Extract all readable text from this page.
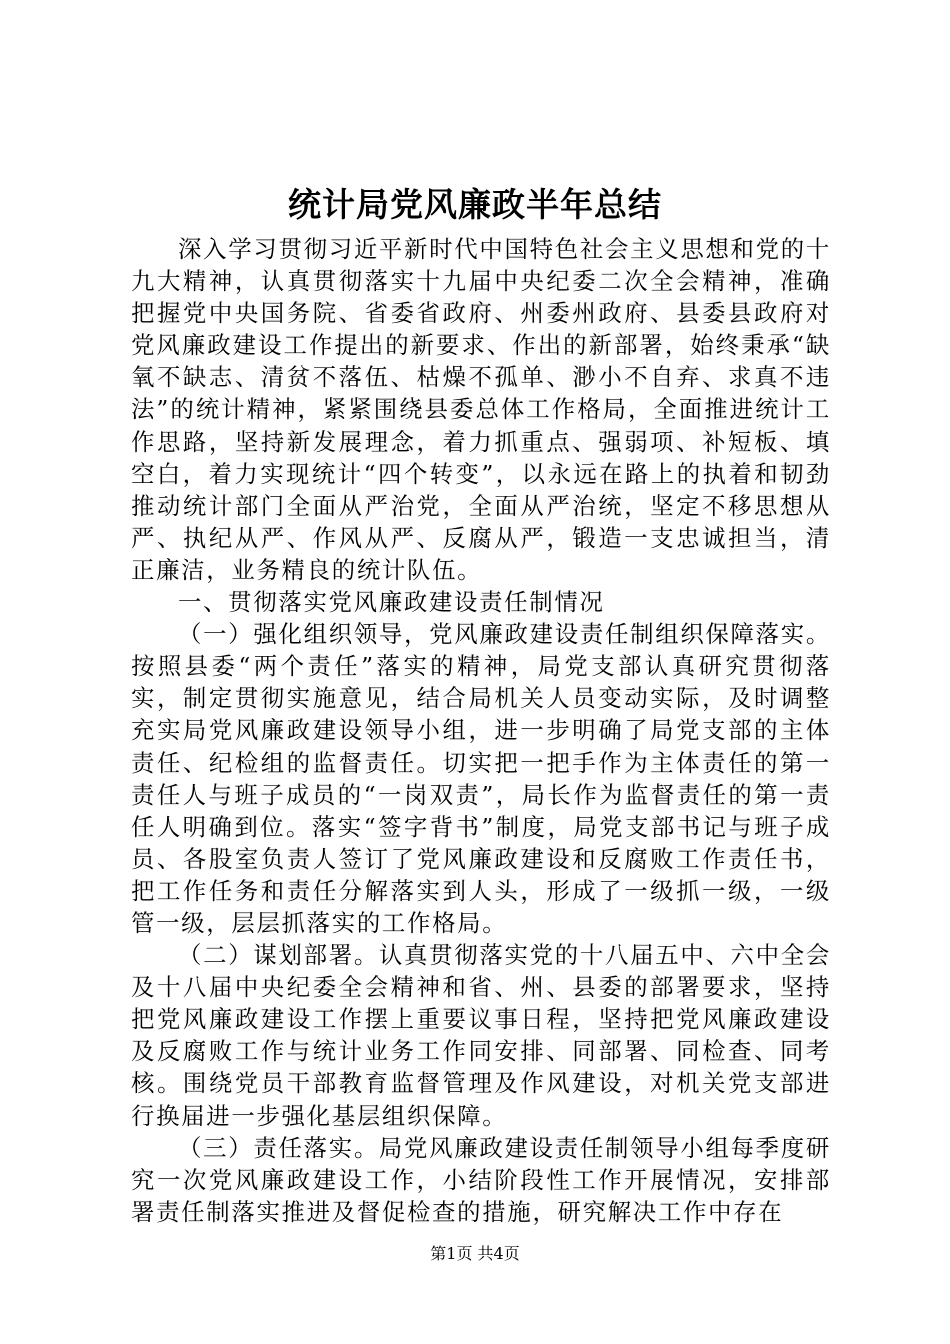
统计局党风廉政半年总结

深入学习贯彻习近平新时代中国特色社会主义思想和党的十九大精神，认真贯彻落实十九届中央纪委二次全会精神，准确把握党中央国务院、省委省政府、州委州政府、县委县政府对党风廉政建设工作提出的新要求、作出的新部署，始终秉承“缺氧不缺志、清贫不落伍、枯燥不孤单、渺小不自弃、求真不违法”的统计精神，紧紧围绕县委总体工作格局，全面推进统计工作思路，坚持新发展理念，着力抓重点、强弱项、补短板、填空白，着力实现统计“四个转变”，以永远在路上的执着和韧劲推动统计部门全面从严治党，全面从严治统，坚定不移思想从严、执纪从严、作风从严、反腐从严，锻造一支忠诚担当，清正廉洁，业务精良的统计队伍。

一、贯彻落实党风廉政建设责任制情况

（一）强化组织领导，党风廉政建设责任制组织保障落实。按照县委“两个责任”落实的精神，局党支部认真研究贯彻落实，制定贯彻实施意见，结合局机关人员变动实际，及时调整充实局党风廉政建设领导小组，进一步明确了局党支部的主体责任、纪检组的监督责任。切实把一把手作为主体责任的第一责任人与班子成员的“一岗双责”，局长作为监督责任的第一责任人明确到位。落实“签字背书”制度，局党支部书记与班子成员、各股室负责人签订了党风廉政建设和反腐败工作责任书，把工作任务和责任分解落实到人头，形成了一级抓一级，一级管一级，层层抓落实的工作格局。

（二）谋划部署。认真贯彻落实党的十八届五中、六中全会及十八届中央纪委全会精神和省、州、县委的部署要求，坚持把党风廉政建设工作摆上重要议事日程，坚持把党风廉政建设及反腐败工作与统计业务工作同安排、同部署、同检查、同考核。围绕党员干部教育监督管理及作风建设，对机关党支部进行换届进一步强化基层组织保障。

（三）责任落实。局党风廉政建设责任制领导小组每季度研究一次党风廉政建设工作，小结阶段性工作开展情况，安排部署责任制落实推进及督促检查的措施，研究解决工作中存在

第1页 共4页
